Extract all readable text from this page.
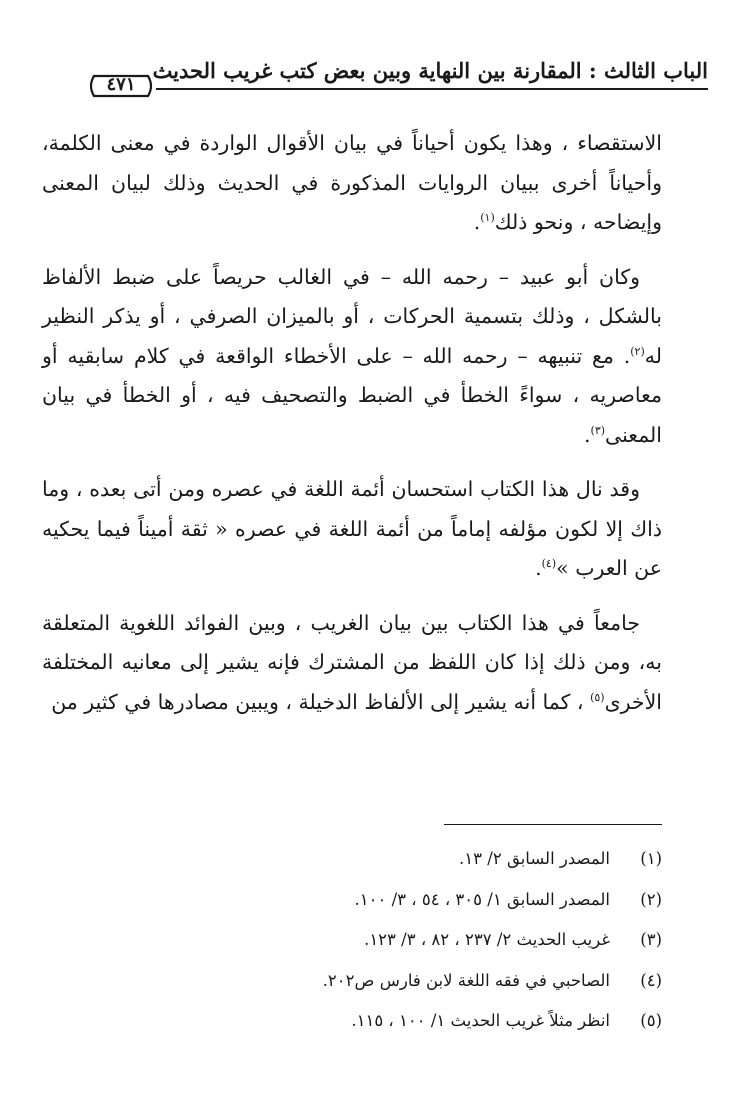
الباب الثالث : المقارنة بين النهاية وبين بعض كتب غريب الحديث
٤٧١

الاستقصاء ، وهذا يكون أحياناً في بيان الأقوال الواردة في معنى الكلمة، وأحياناً أخرى ببيان الروايات المذكورة في الحديث وذلك لبيان المعنى وإيضاحه ، ونحو ذلك$^{(١)}$.

وكان أبو عبيد – رحمه الله – في الغالب حريصاً على ضبط الألفاظ بالشكل ، وذلك بتسمية الحركات ، أو بالميزان الصرفي ، أو يذكر النظير له$^{(٢)}$. مع تنبيهه – رحمه الله – على الأخطاء الواقعة في كلام سابقيه أو معاصريه ، سواءً الخطأ في الضبط والتصحيف فيه ، أو الخطأ في بيان المعنى$^{(٣)}$.

وقد نال هذا الكتاب استحسان أئمة اللغة في عصره ومن أتى بعده ، وما ذاك إلا لكون مؤلفه إماماً من أئمة اللغة في عصره « ثقة أميناً فيما يحكيه عن العرب »$^{(٤)}$.

جامعاً في هذا الكتاب بين بيان الغريب ، وبين الفوائد اللغوية المتعلقة به، ومن ذلك إذا كان اللفظ من المشترك فإنه يشير إلى معانيه المختلفة الأخرى$^{(٥)}$ ، كما أنه يشير إلى الألفاظ الدخيلة ، ويبين مصادرها في كثير من

(١)
المصدر السابق ٢/ ١٣.
(٢)
المصدر السابق ١/ ٣٠٥ ، ٥٤ ، ٣/ ١٠٠.
(٣)
غريب الحديث ٢/ ٢٣٧ ، ٨٢ ، ٣/ ١٢٣.
(٤)
الصاحبي في فقه اللغة لابن فارس ص٢٠٢.
(٥)
انظر مثلاً غريب الحديث ١/ ١٠٠ ، ١١٥.
